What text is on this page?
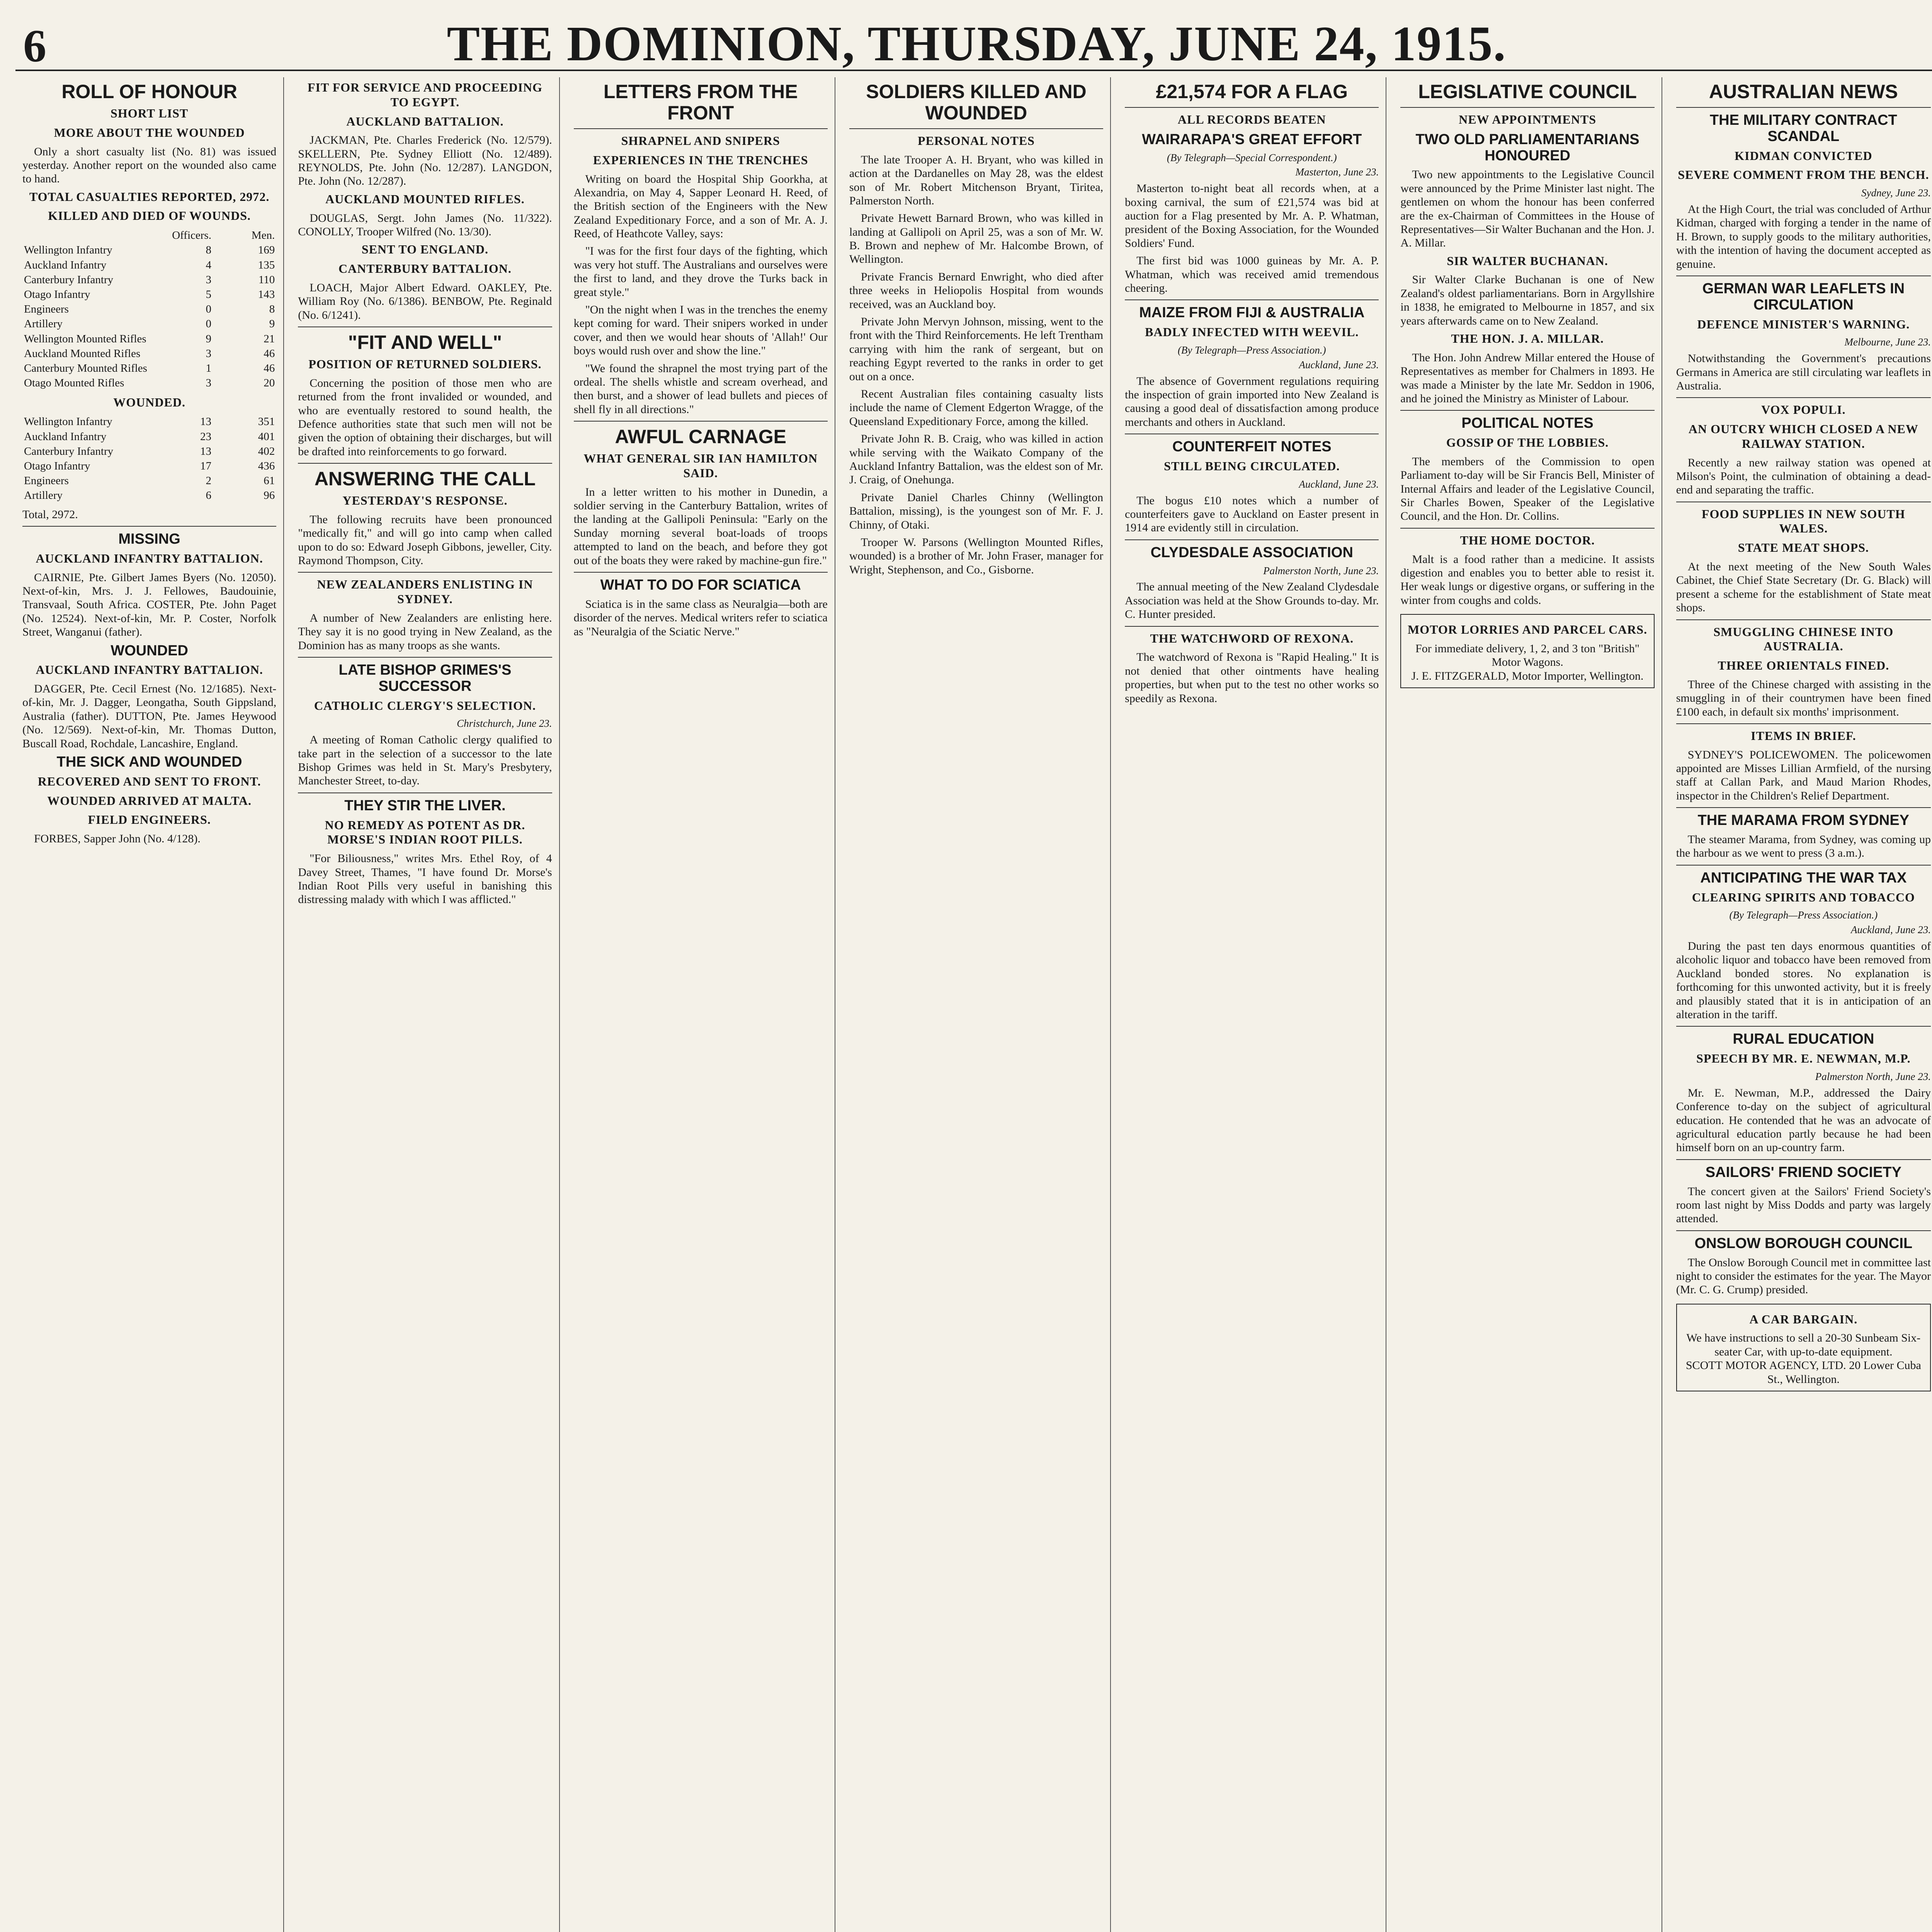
6	THE DOMINION, THURSDAY, JUNE 24, 1915.
ROLL OF HONOUR
SHORT LIST
MORE ABOUT THE WOUNDED

Only a short casualty list (No. 81) was issued yesterday. Another report on the wounded also came to hand.

TOTAL CASUALTIES REPORTED, 2972.
KILLED AND DIED OF WOUNDS.
	Officers.	Men.
Wellington Infantry	8	169
Auckland Infantry	4	135
Canterbury Infantry	3	110
Otago Infantry	5	143
Engineers	0	8
Artillery	0	9
Wellington Mounted Rifles	9	21
Auckland Mounted Rifles	3	46
Canterbury Mounted Rifles	1	46
Otago Mounted Rifles	3	20
WOUNDED.
Wellington Infantry	13	351
Auckland Infantry	23	401
Canterbury Infantry	13	402
Otago Infantry	17	436
Engineers	2	61
Artillery	6	96
Total, 2972.
MISSING
AUCKLAND INFANTRY BATTALION.

CAIRNIE, Pte. Gilbert James Byers (No. 12050). Next-of-kin, Mrs. J. J. Fellowes, Baudouinie, Transvaal, South Africa. COSTER, Pte. John Paget (No. 12524). Next-of-kin, Mr. P. Coster, Norfolk Street, Wanganui (father).

WOUNDED
AUCKLAND INFANTRY BATTALION.

DAGGER, Pte. Cecil Ernest (No. 12/1685). Next-of-kin, Mr. J. Dagger, Leongatha, South Gippsland, Australia (father). DUTTON, Pte. James Heywood (No. 12/569). Next-of-kin, Mr. Thomas Dutton, Buscall Road, Rochdale, Lancashire, England.

THE SICK AND WOUNDED
RECOVERED AND SENT TO FRONT.
WOUNDED ARRIVED AT MALTA.
FIELD ENGINEERS.

FORBES, Sapper John (No. 4/128).

FIT FOR SERVICE AND PROCEEDING TO EGYPT.
AUCKLAND BATTALION.

JACKMAN, Pte. Charles Frederick (No. 12/579). SKELLERN, Pte. Sydney Elliott (No. 12/489). REYNOLDS, Pte. John (No. 12/287). LANGDON, Pte. John (No. 12/287).

AUCKLAND MOUNTED RIFLES.

DOUGLAS, Sergt. John James (No. 11/322). CONOLLY, Trooper Wilfred (No. 13/30).

SENT TO ENGLAND.
CANTERBURY BATTALION.

LOACH, Major Albert Edward. OAKLEY, Pte. William Roy (No. 6/1386). BENBOW, Pte. Reginald (No. 6/1241).

"FIT AND WELL"
POSITION OF RETURNED SOLDIERS.

Concerning the position of those men who are returned from the front invalided or wounded, and who are eventually restored to sound health, the Defence authorities state that such men will not be given the option of obtaining their discharges, but will be drafted into reinforcements to go forward.

ANSWERING THE CALL
YESTERDAY'S RESPONSE.

The following recruits have been pronounced "medically fit," and will go into camp when called upon to do so: Edward Joseph Gibbons, jeweller, City. Raymond Thompson, City.

NEW ZEALANDERS ENLISTING IN SYDNEY.

A number of New Zealanders are enlisting here. They say it is no good trying in New Zealand, as the Dominion has as many troops as she wants.

LATE BISHOP GRIMES'S SUCCESSOR
CATHOLIC CLERGY'S SELECTION.
Christchurch, June 23.

A meeting of Roman Catholic clergy qualified to take part in the selection of a successor to the late Bishop Grimes was held in St. Mary's Presbytery, Manchester Street, to-day.

THEY STIR THE LIVER.
NO REMEDY AS POTENT AS DR. MORSE'S INDIAN ROOT PILLS.

"For Biliousness," writes Mrs. Ethel Roy, of 4 Davey Street, Thames, "I have found Dr. Morse's Indian Root Pills very useful in banishing this distressing malady with which I was afflicted."

LETTERS FROM THE FRONT
SHRAPNEL AND SNIPERS
EXPERIENCES IN THE TRENCHES

Writing on board the Hospital Ship Goorkha, at Alexandria, on May 4, Sapper Leonard H. Reed, of the British section of the Engineers with the New Zealand Expeditionary Force, and a son of Mr. A. J. Reed, of Heathcote Valley, says:

"I was for the first four days of the fighting, which was very hot stuff. The Australians and ourselves were the first to land, and they drove the Turks back in great style."

"On the night when I was in the trenches the enemy kept coming for ward. Their snipers worked in under cover, and then we would hear shouts of 'Allah!' Our boys would rush over and show the line."

"We found the shrapnel the most trying part of the ordeal. The shells whistle and scream overhead, and then burst, and a shower of lead bullets and pieces of shell fly in all directions."

AWFUL CARNAGE
WHAT GENERAL SIR IAN HAMILTON SAID.

In a letter written to his mother in Dunedin, a soldier serving in the Canterbury Battalion, writes of the landing at the Gallipoli Peninsula: "Early on the Sunday morning several boat-loads of troops attempted to land on the beach, and before they got out of the boats they were raked by machine-gun fire."

WHAT TO DO FOR SCIATICA

Sciatica is in the same class as Neuralgia—both are disorder of the nerves. Medical writers refer to sciatica as "Neuralgia of the Sciatic Nerve."

SOLDIERS KILLED AND WOUNDED
PERSONAL NOTES

The late Trooper A. H. Bryant, who was killed in action at the Dardanelles on May 28, was the eldest son of Mr. Robert Mitchenson Bryant, Tiritea, Palmerston North.

Private Hewett Barnard Brown, who was killed in landing at Gallipoli on April 25, was a son of Mr. W. B. Brown and nephew of Mr. Halcombe Brown, of Wellington.

Private Francis Bernard Enwright, who died after three weeks in Heliopolis Hospital from wounds received, was an Auckland boy.

Private John Mervyn Johnson, missing, went to the front with the Third Reinforcements. He left Trentham carrying with him the rank of sergeant, but on reaching Egypt reverted to the ranks in order to get out on a once.

Recent Australian files containing casualty lists include the name of Clement Edgerton Wragge, of the Queensland Expeditionary Force, among the killed.

Private John R. B. Craig, who was killed in action while serving with the Waikato Company of the Auckland Infantry Battalion, was the eldest son of Mr. J. Craig, of Onehunga.

Private Daniel Charles Chinny (Wellington Battalion, missing), is the youngest son of Mr. F. J. Chinny, of Otaki.

Trooper W. Parsons (Wellington Mounted Rifles, wounded) is a brother of Mr. John Fraser, manager for Wright, Stephenson, and Co., Gisborne.

£21,574 FOR A FLAG
ALL RECORDS BEATEN
WAIRARAPA'S GREAT EFFORT
(By Telegraph—Special Correspondent.)
Masterton, June 23.

Masterton to-night beat all records when, at a boxing carnival, the sum of £21,574 was bid at auction for a Flag presented by Mr. A. P. Whatman, president of the Boxing Association, for the Wounded Soldiers' Fund.

The first bid was 1000 guineas by Mr. A. P. Whatman, which was received amid tremendous cheering.

MAIZE FROM FIJI & AUSTRALIA
BADLY INFECTED WITH WEEVIL.
(By Telegraph—Press Association.)
Auckland, June 23.

The absence of Government regulations requiring the inspection of grain imported into New Zealand is causing a good deal of dissatisfaction among produce merchants and others in Auckland.

COUNTERFEIT NOTES
STILL BEING CIRCULATED.
Auckland, June 23.

The bogus £10 notes which a number of counterfeiters gave to Auckland on Easter present in 1914 are evidently still in circulation.

CLYDESDALE ASSOCIATION
Palmerston North, June 23.

The annual meeting of the New Zealand Clydesdale Association was held at the Show Grounds to-day. Mr. C. Hunter presided.

THE WATCHWORD OF REXONA.

The watchword of Rexona is "Rapid Healing." It is not denied that other ointments have healing properties, but when put to the test no other works so speedily as Rexona.

LEGISLATIVE COUNCIL
NEW APPOINTMENTS
TWO OLD PARLIAMENTARIANS HONOURED

Two new appointments to the Legislative Council were announced by the Prime Minister last night. The gentlemen on whom the honour has been conferred are the ex-Chairman of Committees in the House of Representatives—Sir Walter Buchanan and the Hon. J. A. Millar.

SIR WALTER BUCHANAN.

Sir Walter Clarke Buchanan is one of New Zealand's oldest parliamentarians. Born in Argyllshire in 1838, he emigrated to Melbourne in 1857, and six years afterwards came on to New Zealand.

THE HON. J. A. MILLAR.

The Hon. John Andrew Millar entered the House of Representatives as member for Chalmers in 1893. He was made a Minister by the late Mr. Seddon in 1906, and he joined the Ministry as Minister of Labour.

POLITICAL NOTES
GOSSIP OF THE LOBBIES.

The members of the Commission to open Parliament to-day will be Sir Francis Bell, Minister of Internal Affairs and leader of the Legislative Council, Sir Charles Bowen, Speaker of the Legislative Council, and the Hon. Dr. Collins.

THE HOME DOCTOR.

Malt is a food rather than a medicine. It assists digestion and enables you to better able to resist it. Her weak lungs or digestive organs, or suffering in the winter from coughs and colds.

MOTOR LORRIES AND PARCEL CARS.
For immediate delivery, 1, 2, and 3 ton "British" Motor Wagons.
J. E. FITZGERALD, Motor Importer, Wellington.
AUSTRALIAN NEWS
THE MILITARY CONTRACT SCANDAL
KIDMAN CONVICTED
SEVERE COMMENT FROM THE BENCH.
Sydney, June 23.

At the High Court, the trial was concluded of Arthur Kidman, charged with forging a tender in the name of H. Brown, to supply goods to the military authorities, with the intention of having the document accepted as genuine.

GERMAN WAR LEAFLETS IN CIRCULATION
DEFENCE MINISTER'S WARNING.
Melbourne, June 23.

Notwithstanding the Government's precautions Germans in America are still circulating war leaflets in Australia.

VOX POPULI.
AN OUTCRY WHICH CLOSED A NEW RAILWAY STATION.

Recently a new railway station was opened at Milson's Point, the culmination of obtaining a dead-end and separating the traffic.

FOOD SUPPLIES IN NEW SOUTH WALES.
STATE MEAT SHOPS.

At the next meeting of the New South Wales Cabinet, the Chief State Secretary (Dr. G. Black) will present a scheme for the establishment of State meat shops.

SMUGGLING CHINESE INTO AUSTRALIA.
THREE ORIENTALS FINED.

Three of the Chinese charged with assisting in the smuggling in of their countrymen have been fined £100 each, in default six months' imprisonment.

ITEMS IN BRIEF.

SYDNEY'S POLICEWOMEN. The policewomen appointed are Misses Lillian Armfield, of the nursing staff at Callan Park, and Maud Marion Rhodes, inspector in the Children's Relief Department.

THE MARAMA FROM SYDNEY

The steamer Marama, from Sydney, was coming up the harbour as we went to press (3 a.m.).

ANTICIPATING THE WAR TAX
CLEARING SPIRITS AND TOBACCO
(By Telegraph—Press Association.)
Auckland, June 23.

During the past ten days enormous quantities of alcoholic liquor and tobacco have been removed from Auckland bonded stores. No explanation is forthcoming for this unwonted activity, but it is freely and plausibly stated that it is in anticipation of an alteration in the tariff.

RURAL EDUCATION
SPEECH BY MR. E. NEWMAN, M.P.
Palmerston North, June 23.

Mr. E. Newman, M.P., addressed the Dairy Conference to-day on the subject of agricultural education. He contended that he was an advocate of agricultural education partly because he had been himself born on an up-country farm.

SAILORS' FRIEND SOCIETY

The concert given at the Sailors' Friend Society's room last night by Miss Dodds and party was largely attended.

ONSLOW BOROUGH COUNCIL

The Onslow Borough Council met in committee last night to consider the estimates for the year. The Mayor (Mr. C. G. Crump) presided.

A CAR BARGAIN.
We have instructions to sell a 20-30 Sunbeam Six-seater Car, with up-to-date equipment.
SCOTT MOTOR AGENCY, LTD. 20 Lower Cuba St., Wellington.
